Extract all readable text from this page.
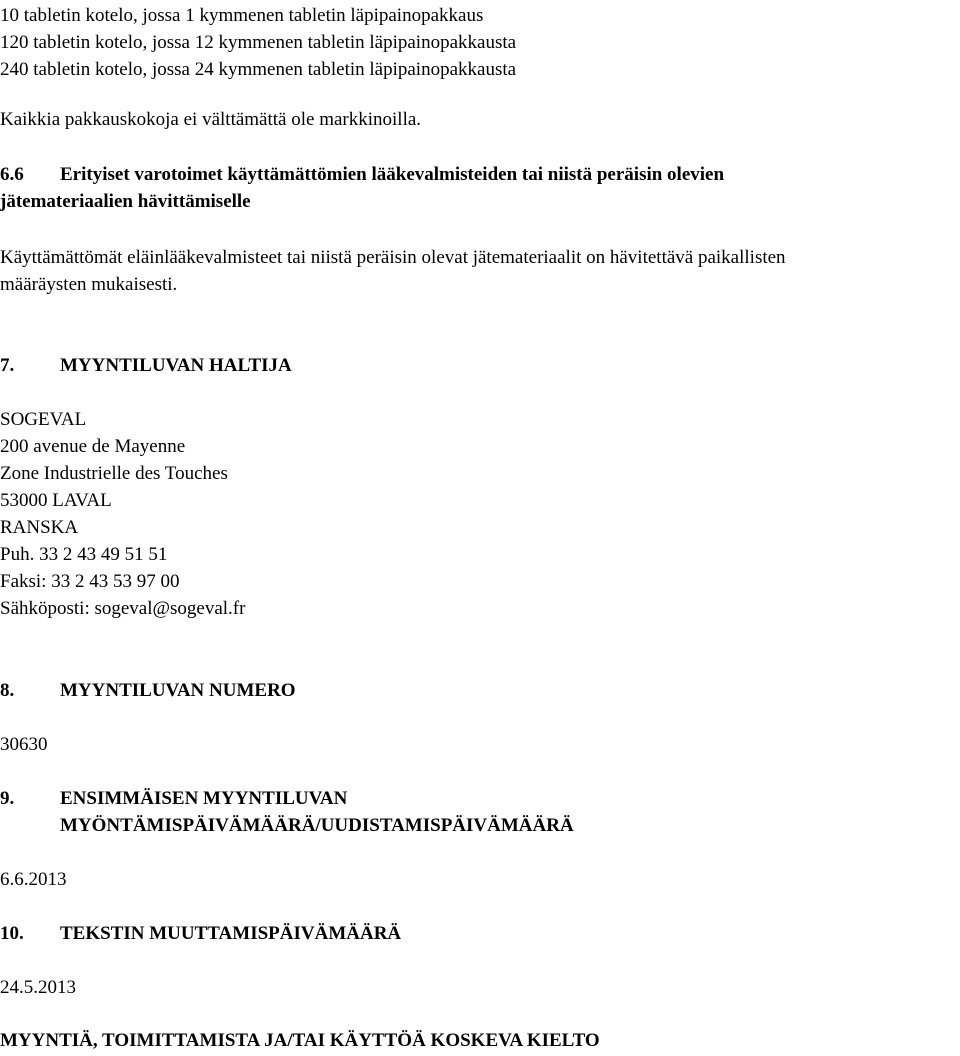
10 tabletin kotelo, jossa 1 kymmenen tabletin läpipainopakkaus

120 tabletin kotelo, jossa 12 kymmenen tabletin läpipainopakkausta

240 tabletin kotelo, jossa 24 kymmenen tabletin läpipainopakkausta

Kaikkia pakkauskokoja ei välttämättä ole markkinoilla.

6.6 Erityiset varotoimet käyttämättömien lääkevalmisteiden tai niistä peräisin olevien

jätemateriaalien hävittämiselle

Käyttämättömät eläinlääkevalmisteet tai niistä peräisin olevat jätemateriaalit on hävitettävä paikallisten

määräysten mukaisesti.

7. MYYNTILUVAN HALTIJA

SOGEVAL

200 avenue de Mayenne

Zone Industrielle des Touches

53000 LAVAL

RANSKA

Puh. 33 2 43 49 51 51

Faksi: 33 2 43 53 97 00

Sähköposti: sogeval@sogeval.fr

8. MYYNTILUVAN NUMERO

30630

9. ENSIMMÄISEN MYYNTILUVAN

MYÖNTÄMISPÄIVÄMÄÄRÄ/UUDISTAMISPÄIVÄMÄÄRÄ

6.6.2013

10. TEKSTIN MUUTTAMISPÄIVÄMÄÄRÄ

24.5.2013

MYYNTIÄ, TOIMITTAMISTA JA/TAI KÄYTTÖÄ KOSKEVA KIELTO
